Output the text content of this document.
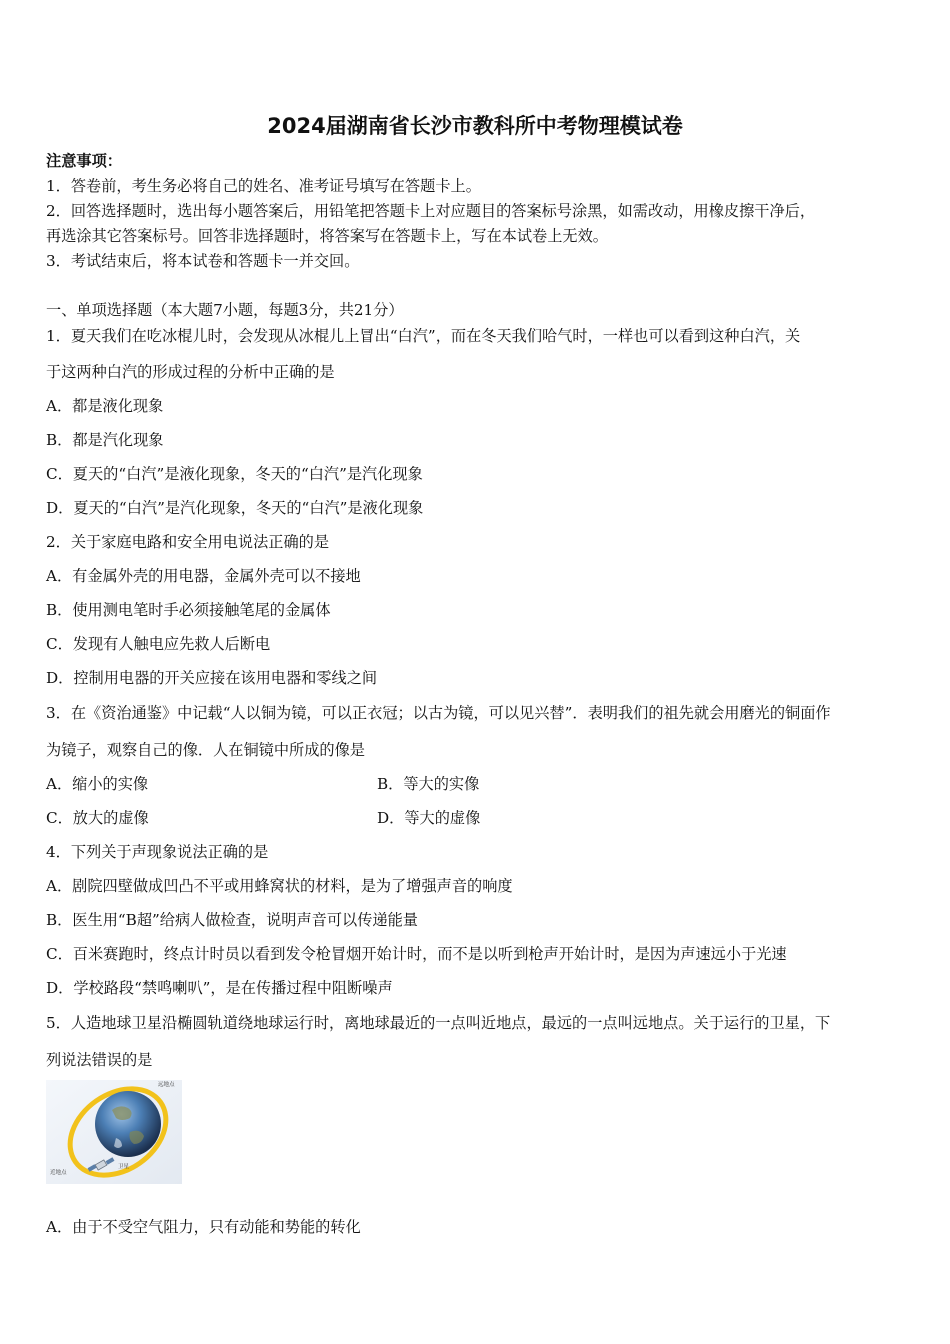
2024届湖南省长沙市教科所中考物理模试卷
注意事项：
1．答卷前，考生务必将自己的姓名、准考证号填写在答题卡上。
2．回答选择题时，选出每小题答案后，用铅笔把答题卡上对应题目的答案标号涂黑，如需改动，用橡皮擦干净后，
再选涂其它答案标号。回答非选择题时，将答案写在答题卡上，写在本试卷上无效。
3．考试结束后，将本试卷和答题卡一并交回。
一、单项选择题（本大题7小题，每题3分，共21分）
1．夏天我们在吃冰棍儿时，会发现从冰棍儿上冒出“白汽”，而在冬天我们哈气时，一样也可以看到这种白汽，关
于这两种白汽的形成过程的分析中正确的是
A．都是液化现象
B．都是汽化现象
C．夏天的“白汽”是液化现象，冬天的“白汽”是汽化现象
D．夏天的“白汽”是汽化现象，冬天的“白汽”是液化现象
2．关于家庭电路和安全用电说法正确的是
A．有金属外壳的用电器，金属外壳可以不接地
B．使用测电笔时手必须接触笔尾的金属体
C．发现有人触电应先救人后断电
D．控制用电器的开关应接在该用电器和零线之间
3．在《资治通鉴》中记载“人以铜为镜，可以正衣冠；以古为镜，可以见兴替”．表明我们的祖先就会用磨光的铜面作
为镜子，观察自己的像．人在铜镜中所成的像是
A．缩小的实像	B．等大的实像
C．放大的虚像	D．等大的虚像
4．下列关于声现象说法正确的是
A．剧院四壁做成凹凸不平或用蜂窝状的材料，是为了增强声音的响度
B．医生用“B超”给病人做检查，说明声音可以传递能量
C．百米赛跑时，终点计时员以看到发令枪冒烟开始计时，而不是以听到枪声开始计时，是因为声速远小于光速
D．学校路段“禁鸣喇叭”，是在传播过程中阻断噪声
5．人造地球卫星沿椭圆轨道绕地球运行时，离地球最近的一点叫近地点，最远的一点叫远地点。关于运行的卫星，下
列说法错误的是
远地点
近地点
卫星
A．由于不受空气阻力，只有动能和势能的转化
